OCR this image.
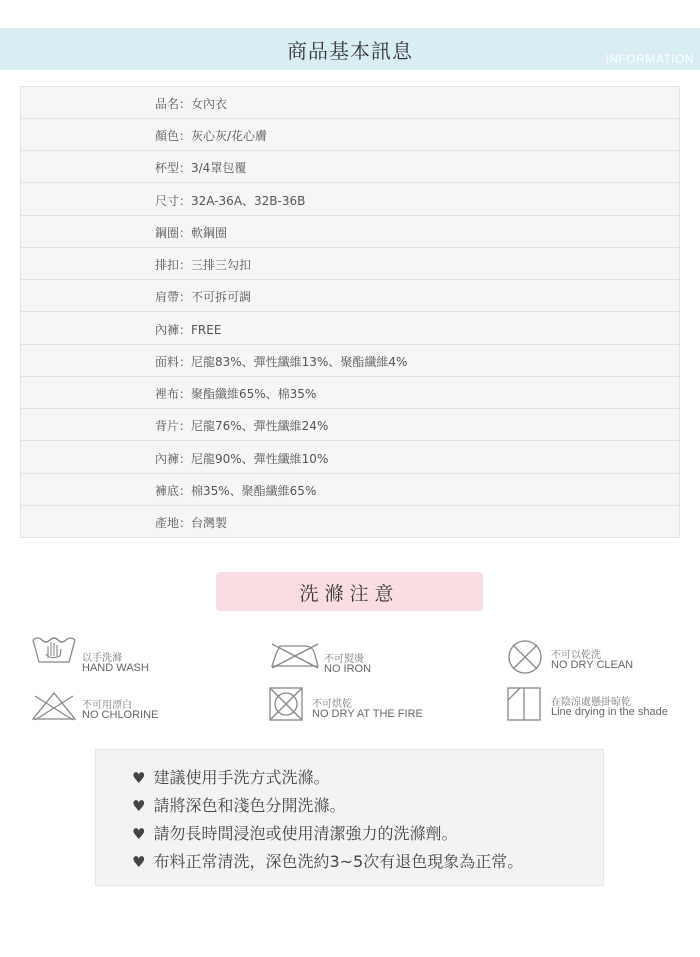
商品基本訊息	INFORMATION
品名：女內衣
顏色：灰心灰/花心膚
杯型：3/4罩包覆
尺寸：32A-36A、32B-36B
鋼圈：軟鋼圈
排扣：三排三勾扣
肩帶：不可拆可調
內褲：FREE
面料：尼龍83%、彈性纖維13%、聚酯纖維4%
裡布：聚酯纖維65%、棉35%
背片：尼龍76%、彈性纖維24%
內褲：尼龍90%、彈性纖維10%
褲底：棉35%、聚酯纖維65%
產地：台灣製
洗滌注意
以手洗滌
HAND WASH
不可熨燙
NO IRON
不可以乾洗
NO DRY CLEAN
不可用漂白
NO CHLORINE
不可烘乾
NO DRY AT THE FIRE
在陰涼處懸掛晾乾
Line drying in the shade
♥ 建議使用手洗方式洗滌。
♥ 請將深色和淺色分開洗滌。
♥ 請勿長時間浸泡或使用清潔強力的洗滌劑。
♥ 布料正常清洗，深色洗約3~5次有退色現象為正常。
